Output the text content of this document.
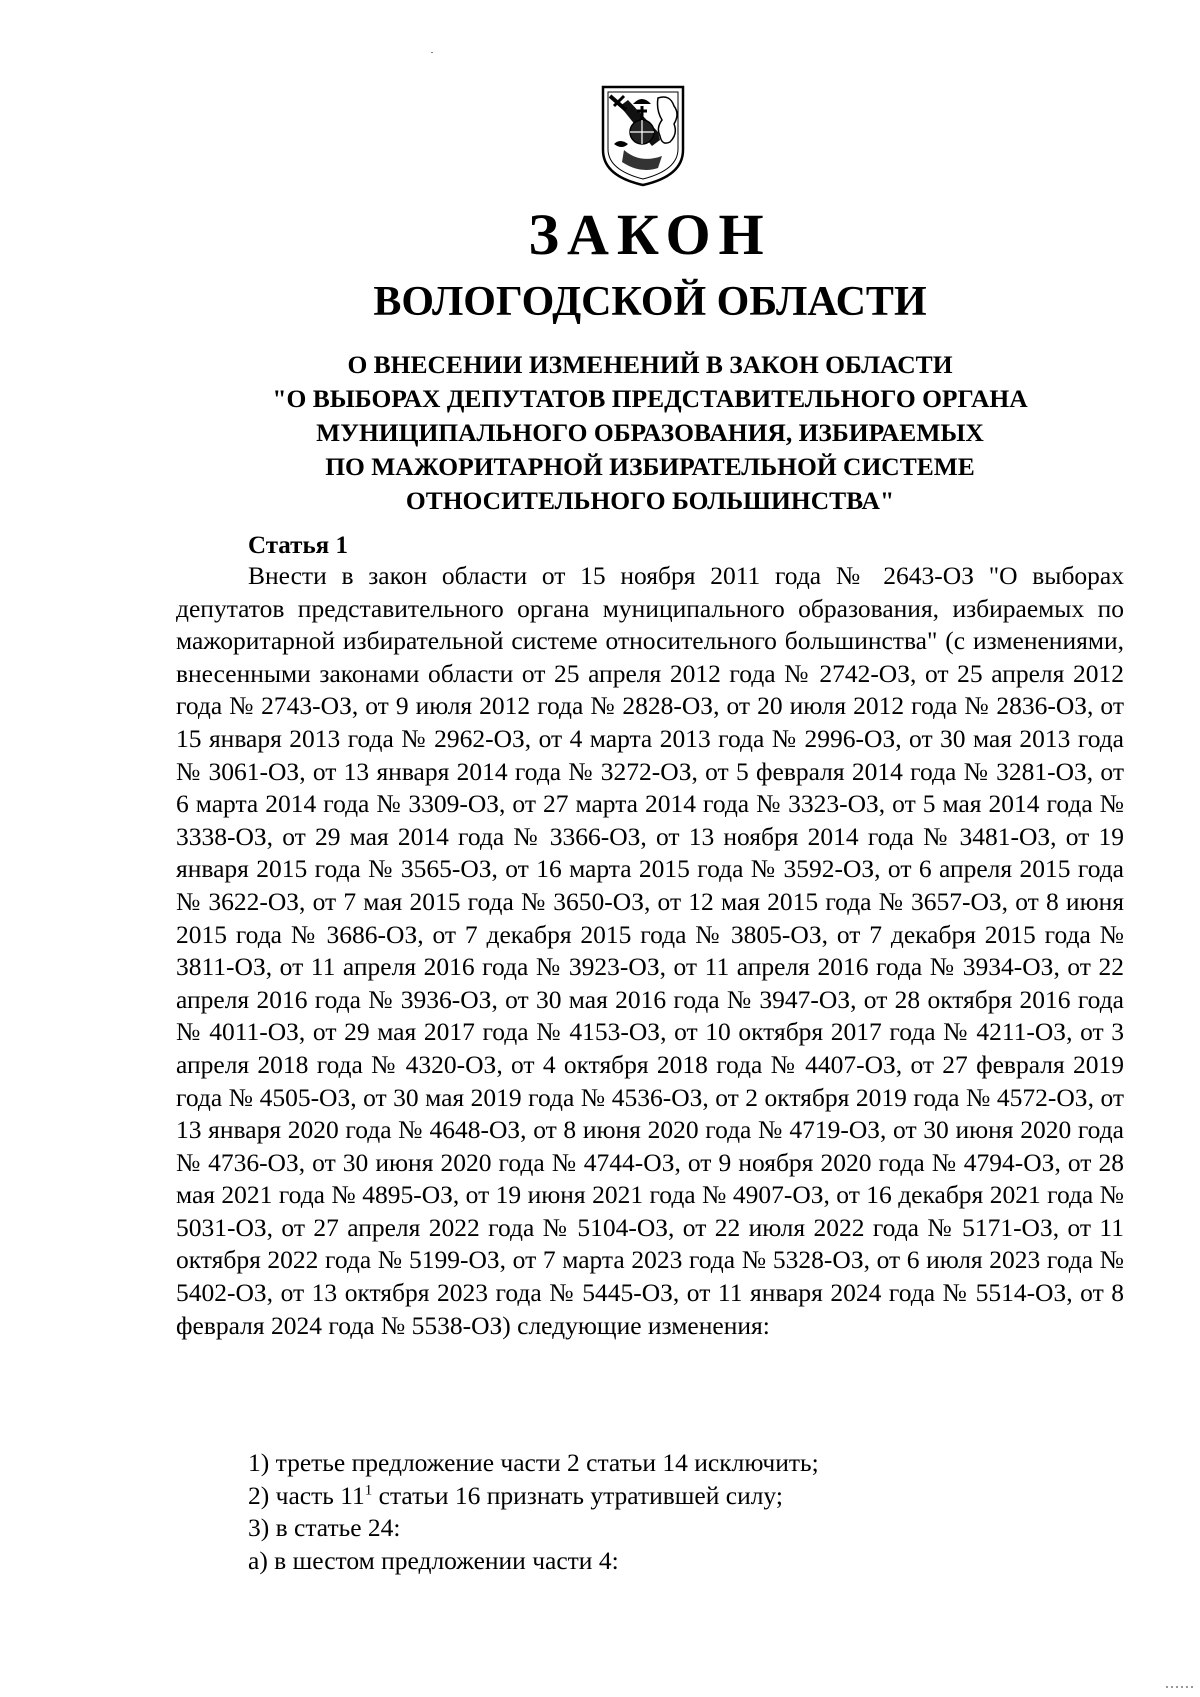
ЗАКОН
ВОЛОГОДСКОЙ ОБЛАСТИ
О ВНЕСЕНИИ ИЗМЕНЕНИЙ В ЗАКОН ОБЛАСТИ
"О ВЫБОРАХ ДЕПУТАТОВ ПРЕДСТАВИТЕЛЬНОГО ОРГАНА
МУНИЦИПАЛЬНОГО ОБРАЗОВАНИЯ, ИЗБИРАЕМЫХ
ПО МАЖОРИТАРНОЙ ИЗБИРАТЕЛЬНОЙ СИСТЕМЕ
ОТНОСИТЕЛЬНОГО БОЛЬШИНСТВА"
Статья 1

Внести в закон области от 15 ноября 2011 года № 2643-ОЗ "О выборах депутатов представительного органа муниципального образования, избираемых по мажоритарной избирательной системе относительного большинства" (с изменениями, внесенными законами области от 25 апреля 2012 года № 2742-ОЗ, от 25 апреля 2012 года № 2743-ОЗ, от 9 июля 2012 года № 2828-ОЗ, от 20 июля 2012 года № 2836-ОЗ, от 15 января 2013 года № 2962-ОЗ, от 4 марта 2013 года № 2996-ОЗ, от 30 мая 2013 года № 3061-ОЗ, от 13 января 2014 года № 3272-ОЗ, от 5 февраля 2014 года № 3281-ОЗ, от 6 марта 2014 года № 3309-ОЗ, от 27 марта 2014 года № 3323-ОЗ, от 5 мая 2014 года № 3338-ОЗ, от 29 мая 2014 года № 3366-ОЗ, от 13 ноября 2014 года № 3481-ОЗ, от 19 января 2015 года № 3565-ОЗ, от 16 марта 2015 года № 3592-ОЗ, от 6 апреля 2015 года № 3622-ОЗ, от 7 мая 2015 года № 3650-ОЗ, от 12 мая 2015 года № 3657-ОЗ, от 8 июня 2015 года № 3686-ОЗ, от 7 декабря 2015 года № 3805-ОЗ, от 7 декабря 2015 года № 3811-ОЗ, от 11 апреля 2016 года № 3923-ОЗ, от 11 апреля 2016 года № 3934-ОЗ, от 22 апреля 2016 года № 3936-ОЗ, от 30 мая 2016 года № 3947-ОЗ, от 28 октября 2016 года № 4011-ОЗ, от 29 мая 2017 года № 4153-ОЗ, от 10 октября 2017 года № 4211-ОЗ, от 3 апреля 2018 года № 4320-ОЗ, от 4 октября 2018 года № 4407-ОЗ, от 27 февраля 2019 года № 4505-ОЗ, от 30 мая 2019 года № 4536-ОЗ, от 2 октября 2019 года № 4572-ОЗ, от 13 января 2020 года № 4648-ОЗ, от 8 июня 2020 года № 4719-ОЗ, от 30 июня 2020 года № 4736-ОЗ, от 30 июня 2020 года № 4744-ОЗ, от 9 ноября 2020 года № 4794-ОЗ, от 28 мая 2021 года № 4895-ОЗ, от 19 июня 2021 года № 4907-ОЗ, от 16 декабря 2021 года № 5031-ОЗ, от 27 апреля 2022 года № 5104-ОЗ, от 22 июля 2022 года № 5171-ОЗ, от 11 октября 2022 года № 5199-ОЗ, от 7 марта 2023 года № 5328-ОЗ, от 6 июля 2023 года № 5402-ОЗ, от 13 октября 2023 года № 5445-ОЗ, от 11 января 2024 года № 5514-ОЗ, от 8 февраля 2024 года № 5538-ОЗ) следующие изменения:

1) третье предложение части 2 статьи 14 исключить;
2) часть $11^1$ статьи 16 признать утратившей силу;
3) в статье 24:
а) в шестом предложении части 4:
